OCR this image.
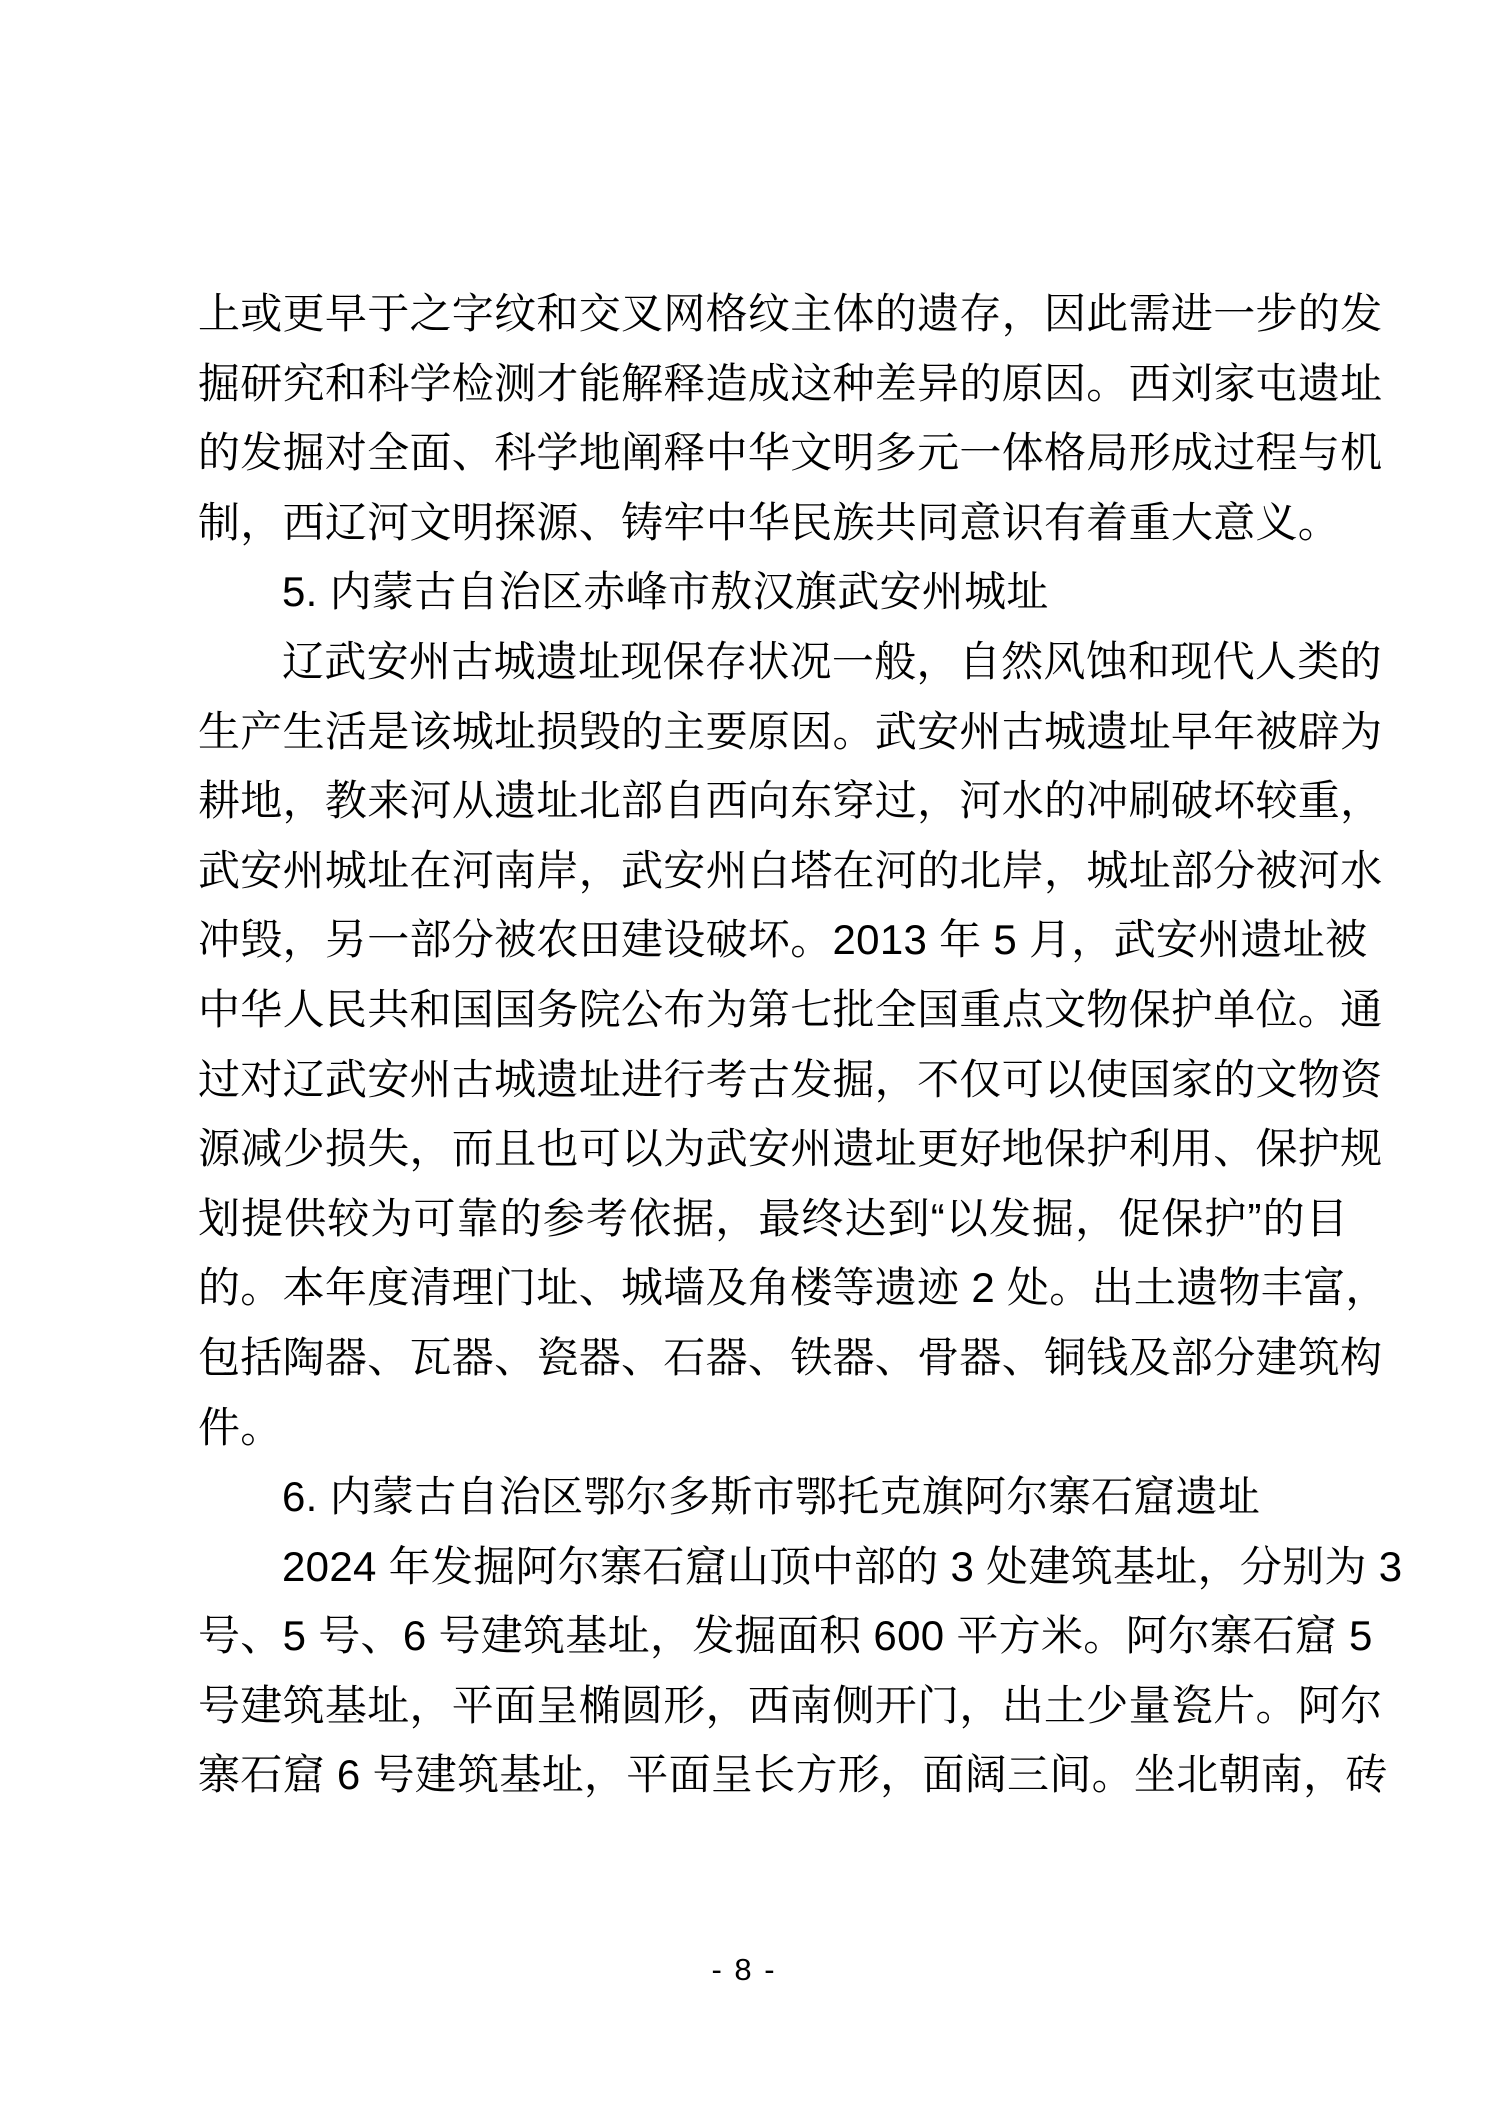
上或更早于之字纹和交叉网格纹主体的遗存，因此需进一步的发
掘研究和科学检测才能解释造成这种差异的原因。西刘家屯遗址
的发掘对全面、科学地阐释中华文明多元一体格局形成过程与机
制，西辽河文明探源、铸牢中华民族共同意识有着重大意义。
5. 内蒙古自治区赤峰市敖汉旗武安州城址
辽武安州古城遗址现保存状况一般，自然风蚀和现代人类的
生产生活是该城址损毁的主要原因。武安州古城遗址早年被辟为
耕地，教来河从遗址北部自西向东穿过，河水的冲刷破坏较重，
武安州城址在河南岸，武安州白塔在河的北岸，城址部分被河水
冲毁，另一部分被农田建设破坏。2013 年 5 月，武安州遗址被
中华人民共和国国务院公布为第七批全国重点文物保护单位。通
过对辽武安州古城遗址进行考古发掘，不仅可以使国家的文物资
源减少损失，而且也可以为武安州遗址更好地保护利用、保护规
划提供较为可靠的参考依据，最终达到“以发掘，促保护”的目
的。本年度清理门址、城墙及角楼等遗迹 2 处。出土遗物丰富，
包括陶器、瓦器、瓷器、石器、铁器、骨器、铜钱及部分建筑构
件。
6. 内蒙古自治区鄂尔多斯市鄂托克旗阿尔寨石窟遗址
2024 年发掘阿尔寨石窟山顶中部的 3 处建筑基址，分别为 3
号、5 号、6 号建筑基址，发掘面积 600 平方米。阿尔寨石窟 5
号建筑基址，平面呈椭圆形，西南侧开门，出土少量瓷片。阿尔
寨石窟 6 号建筑基址，平面呈长方形，面阔三间。坐北朝南，砖
- 8 -
